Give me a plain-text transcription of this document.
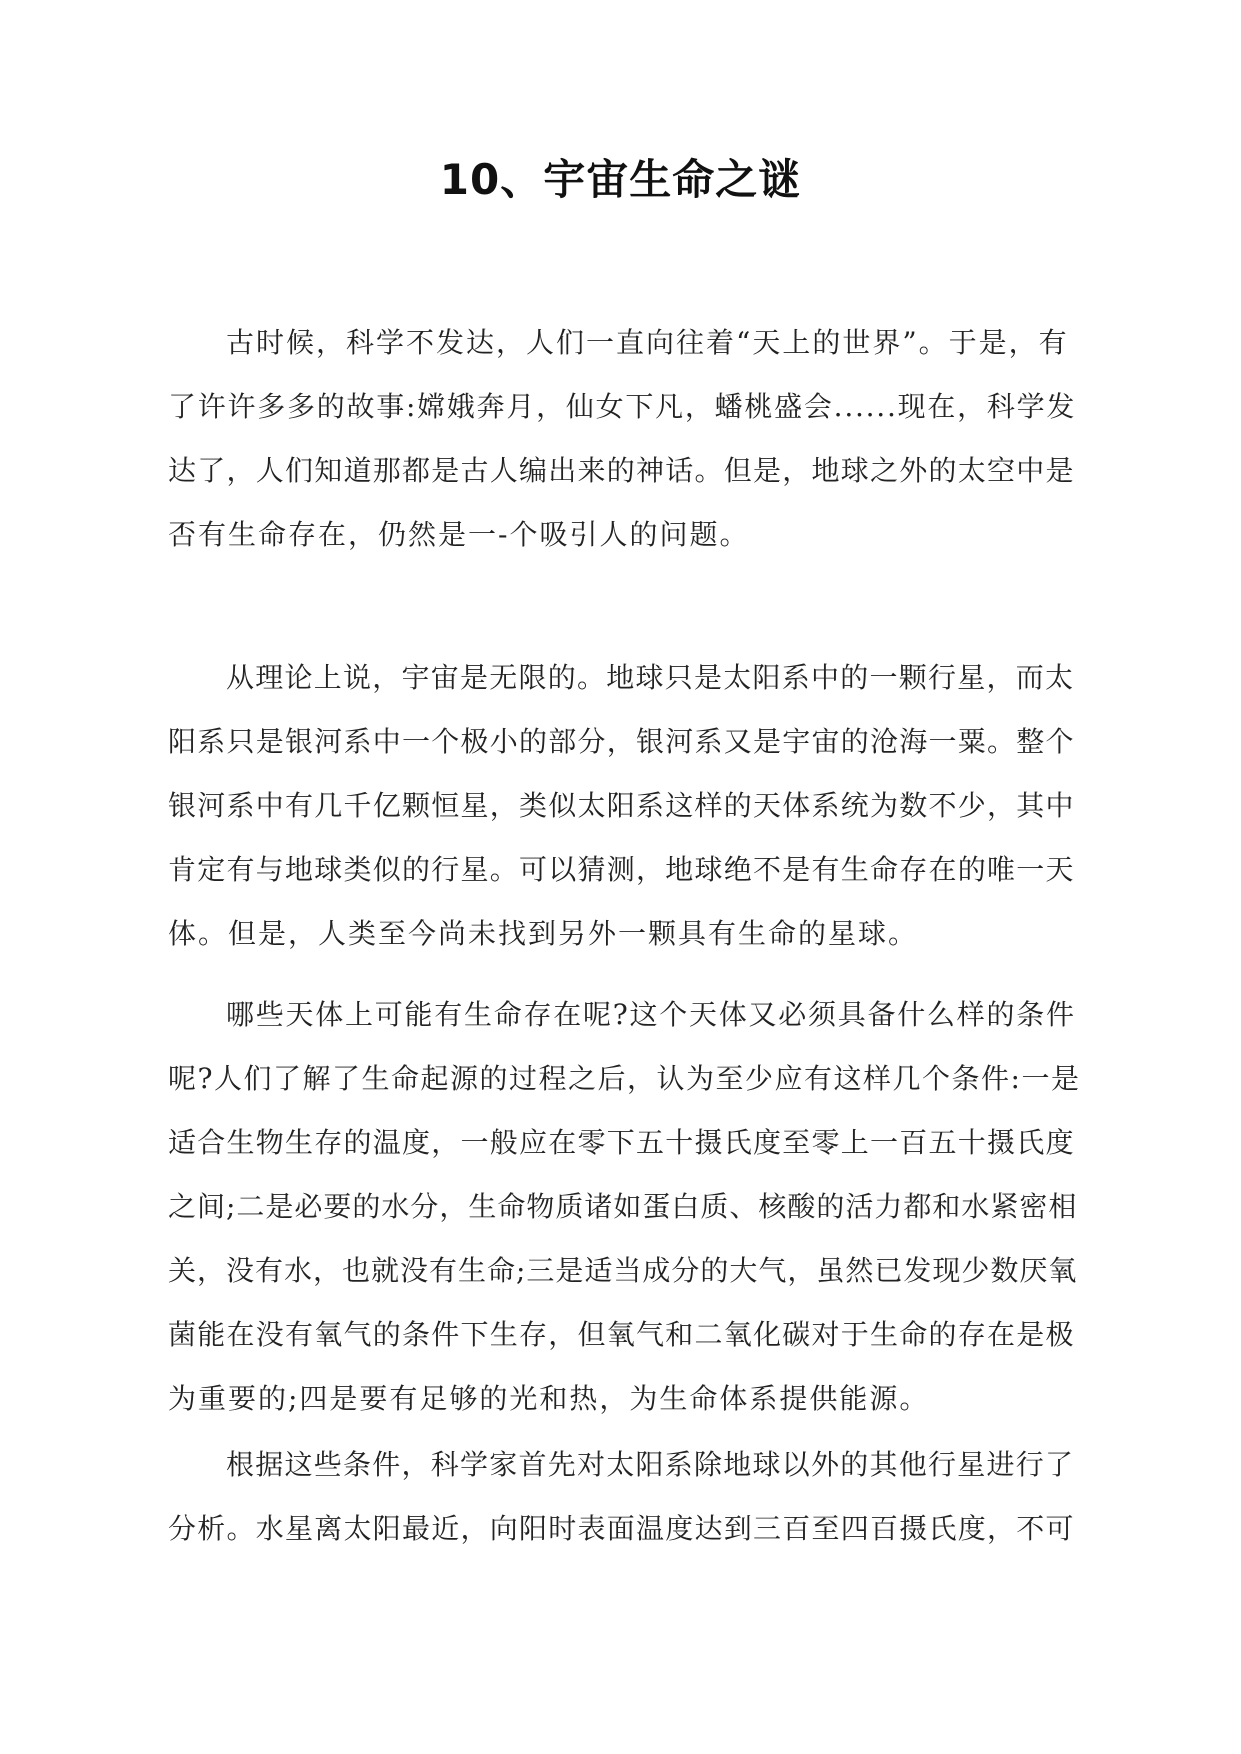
10、宇宙生命之谜
古时候，科学不发达，人们一直向往着“天上的世界”。于是，有
了许许多多的故事:嫦娥奔月，仙女下凡，蟠桃盛会......现在，科学发
达了，人们知道那都是古人编出来的神话。但是，地球之外的太空中是
否有生命存在，仍然是一-个吸引人的问题。
从理论上说，宇宙是无限的。地球只是太阳系中的一颗行星，而太
阳系只是银河系中一个极小的部分，银河系又是宇宙的沧海一粟。整个
银河系中有几千亿颗恒星，类似太阳系这样的天体系统为数不少，其中
肯定有与地球类似的行星。可以猜测，地球绝不是有生命存在的唯一天
体。但是，人类至今尚未找到另外一颗具有生命的星球。
哪些天体上可能有生命存在呢?这个天体又必须具备什么样的条件
呢?人们了解了生命起源的过程之后，认为至少应有这样几个条件:一是
适合生物生存的温度，一般应在零下五十摄氏度至零上一百五十摄氏度
之间;二是必要的水分，生命物质诸如蛋白质、核酸的活力都和水紧密相
关，没有水，也就没有生命;三是适当成分的大气，虽然已发现少数厌氧
菌能在没有氧气的条件下生存，但氧气和二氧化碳对于生命的存在是极
为重要的;四是要有足够的光和热，为生命体系提供能源。
根据这些条件，科学家首先对太阳系除地球以外的其他行星进行了
分析。水星离太阳最近，向阳时表面温度达到三百至四百摄氏度，不可
